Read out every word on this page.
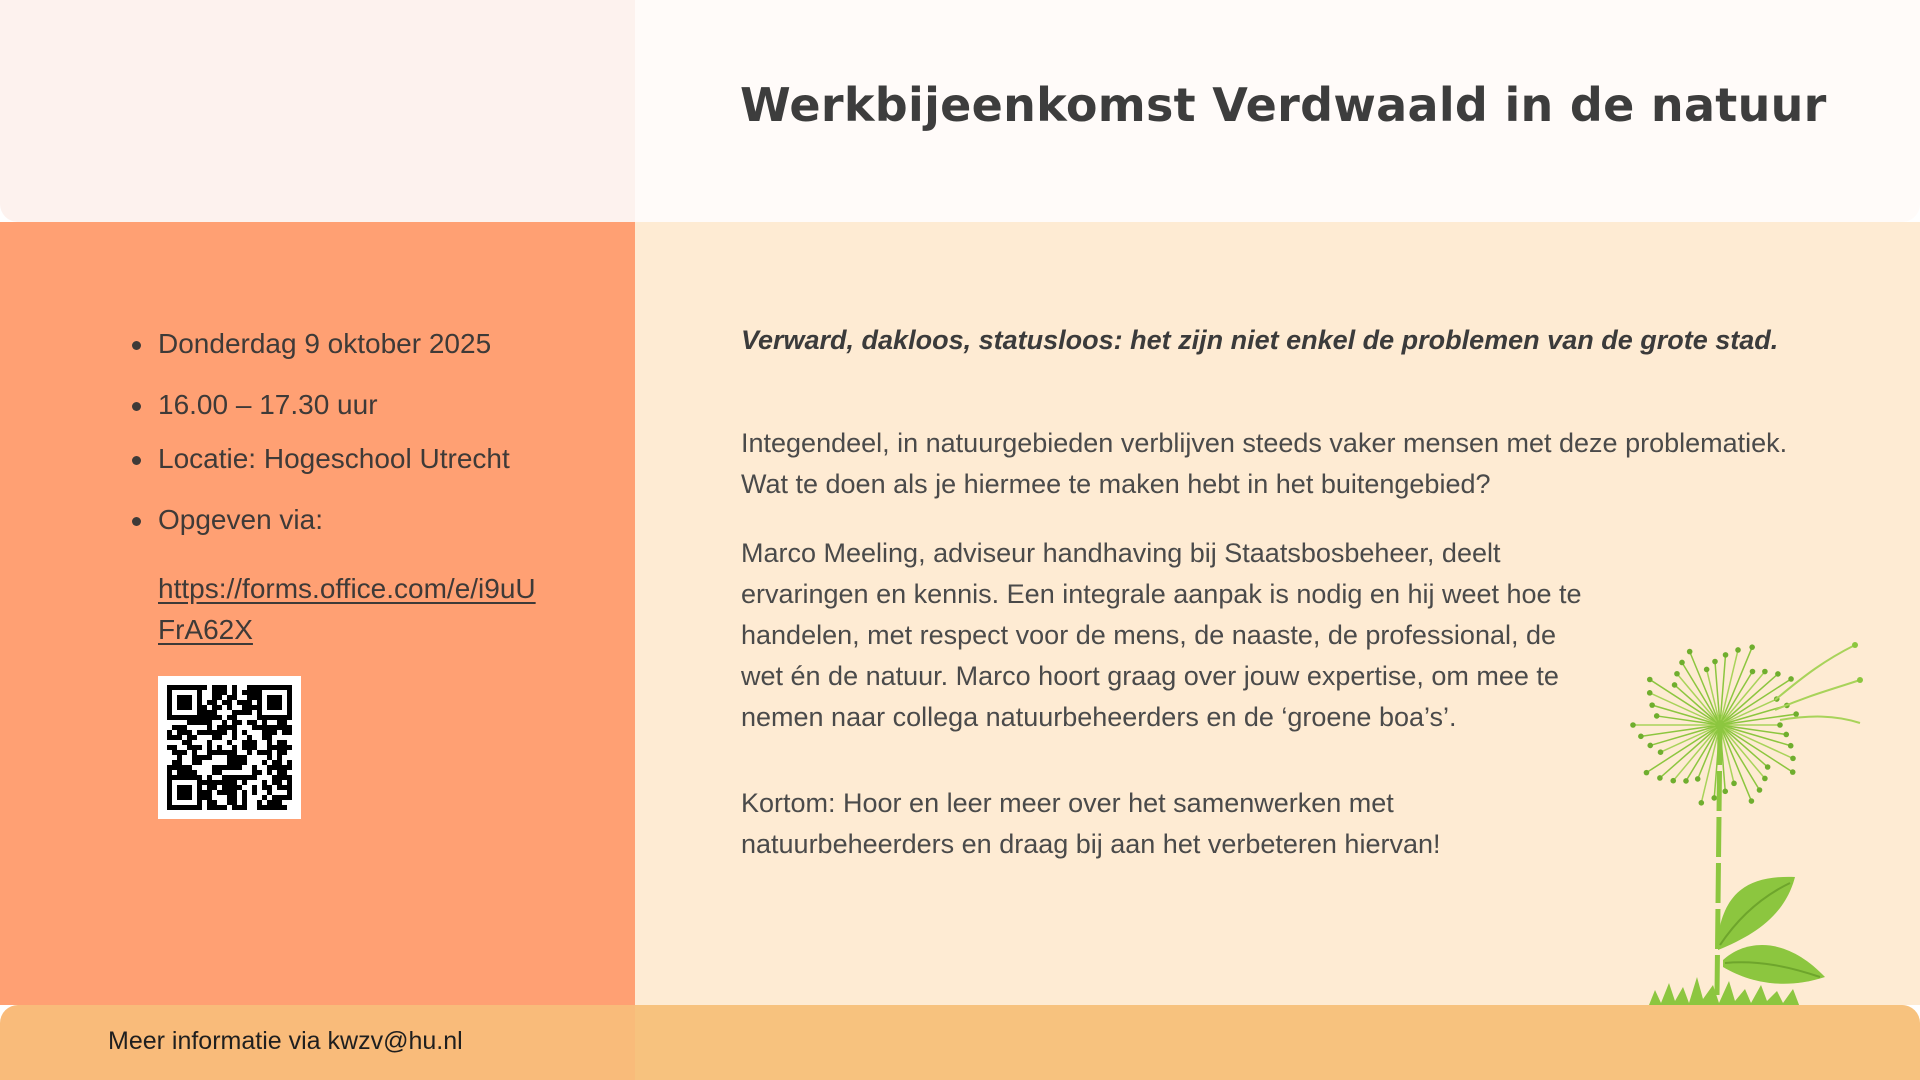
Werkbijeenkomst Verdwaald in de natuur
Donderdag 9 oktober 2025
16.00 – 17.30 uur
Locatie: Hogeschool Utrecht
Opgeven via:
https://forms.office.com/e/i9uUFrA62X

Verward, dakloos, statusloos: het zijn niet enkel de problemen van de grote stad.

Integendeel, in natuurgebieden verblijven steeds vaker mensen met deze problematiek. Wat te doen als je hiermee te maken hebt in het buitengebied?

Marco Meeling, adviseur handhaving bij Staatsbosbeheer, deelt ervaringen en kennis. Een integrale aanpak is nodig en hij weet hoe te handelen, met respect voor de mens, de naaste, de professional, de wet én de natuur. Marco hoort graag over jouw expertise, om mee te nemen naar collega natuurbeheerders en de ‘groene boa’s’.

Kortom: Hoor en leer meer over het samenwerken met natuurbeheerders en draag bij aan het verbeteren hiervan!

Meer informatie via kwzv@hu.nl
